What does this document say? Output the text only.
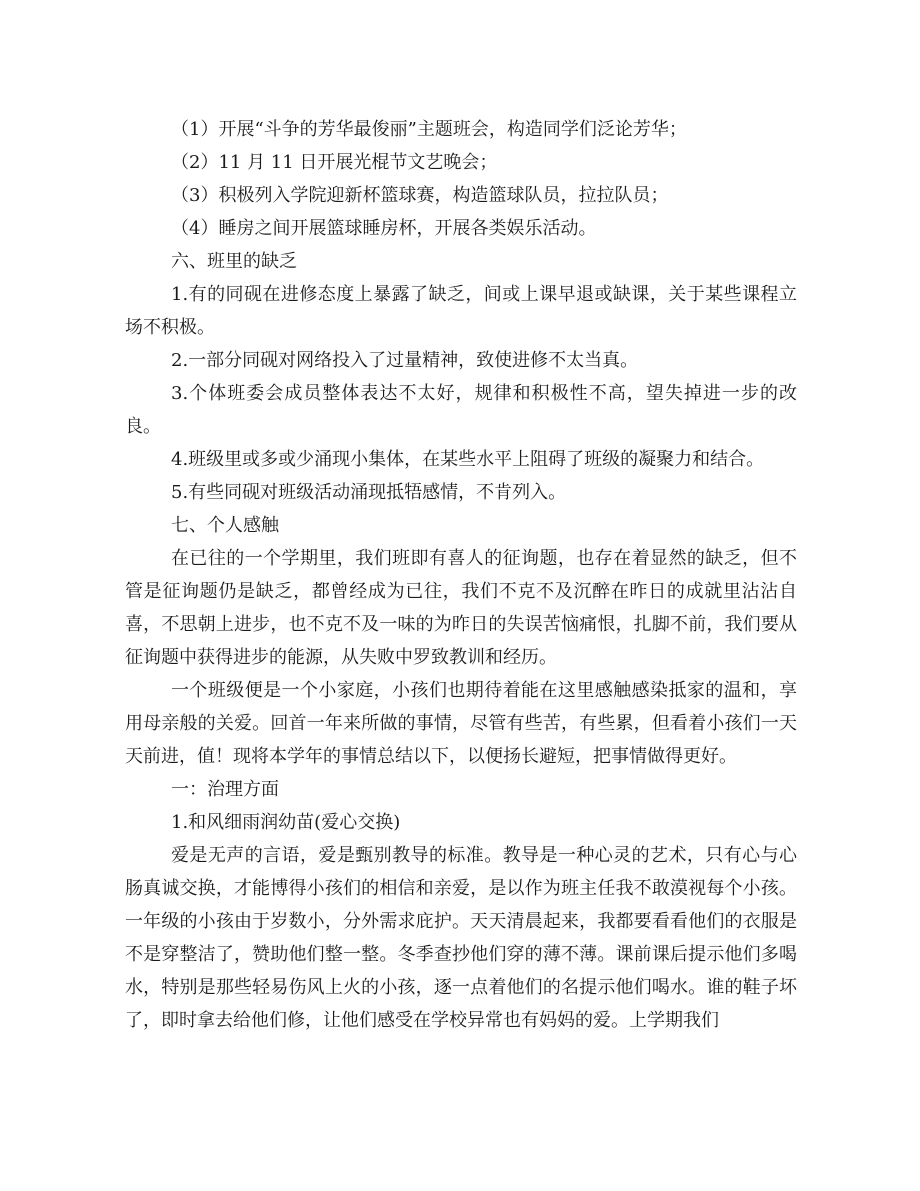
（1）开展“斗争的芳华最俊丽”主题班会，构造同学们泛论芳华；

（2）11 月 11 日开展光棍节文艺晚会；

（3）积极列入学院迎新杯篮球赛，构造篮球队员，拉拉队员；

（4）睡房之间开展篮球睡房杯，开展各类娱乐活动。

六、班里的缺乏

1.有的同砚在进修态度上暴露了缺乏，间或上课早退或缺课，关于某些课程立场不积极。

2.一部分同砚对网络投入了过量精神，致使进修不太当真。

3.个体班委会成员整体表达不太好，规律和积极性不高，望失掉进一步的改良。

4.班级里或多或少涌现小集体，在某些水平上阻碍了班级的凝聚力和结合。

5.有些同砚对班级活动涌现抵牾感情，不肯列入。

七、个人感触

在已往的一个学期里，我们班即有喜人的征询题，也存在着显然的缺乏，但不管是征询题仍是缺乏，都曾经成为已往，我们不克不及沉醉在昨日的成就里沾沾自喜，不思朝上进步，也不克不及一味的为昨日的失误苦恼痛恨，扎脚不前，我们要从征询题中获得进步的能源，从失败中罗致教训和经历。

一个班级便是一个小家庭，小孩们也期待着能在这里感触感染抵家的温和，享用母亲般的关爱。回首一年来所做的事情，尽管有些苦，有些累，但看着小孩们一天天前进，值！现将本学年的事情总结以下，以便扬长避短，把事情做得更好。

一：治理方面

1.和风细雨润幼苗(爱心交换)

爱是无声的言语，爱是甄别教导的标准。教导是一种心灵的艺术，只有心与心肠真诚交换，才能博得小孩们的相信和亲爱，是以作为班主任我不敢漠视每个小孩。一年级的小孩由于岁数小，分外需求庇护。天天清晨起来，我都要看看他们的衣服是不是穿整洁了，赞助他们整一整。冬季查抄他们穿的薄不薄。课前课后提示他们多喝水，特别是那些轻易伤风上火的小孩，逐一点着他们的名提示他们喝水。谁的鞋子坏了，即时拿去给他们修，让他们感受在学校异常也有妈妈的爱。上学期我们
